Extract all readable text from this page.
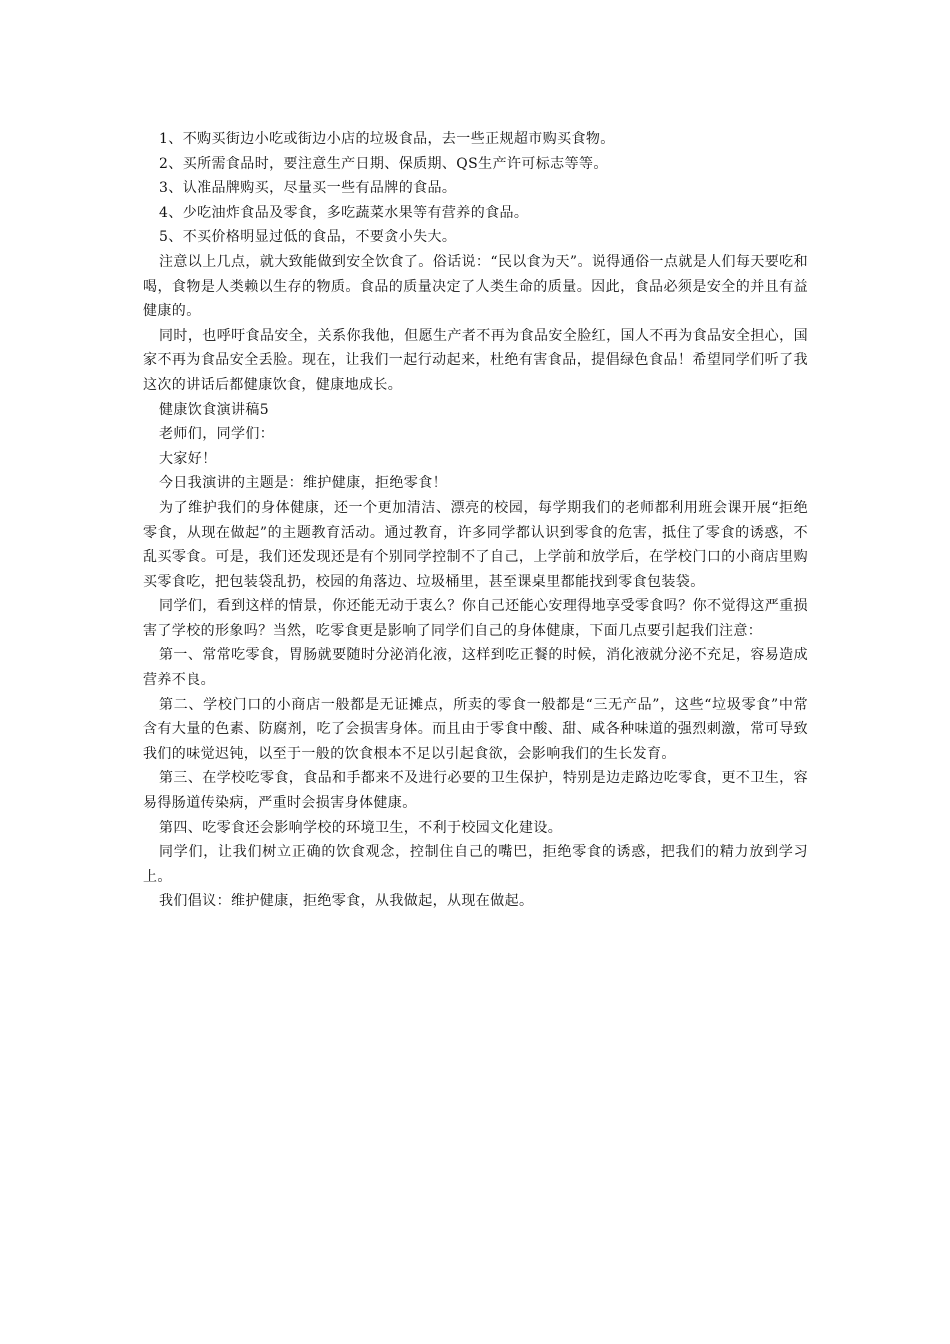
1、不购买街边小吃或街边小店的垃圾食品，去一些正规超市购买食物。

2、买所需食品时，要注意生产日期、保质期、QS生产许可标志等等。

3、认准品牌购买，尽量买一些有品牌的食品。

4、少吃油炸食品及零食，多吃蔬菜水果等有营养的食品。

5、不买价格明显过低的食品，不要贪小失大。

注意以上几点，就大致能做到安全饮食了。俗话说：“民以食为天”。说得通俗一点就是人们每天要吃和喝，食物是人类赖以生存的物质。食品的质量决定了人类生命的质量。因此，食品必须是安全的并且有益健康的。

同时，也呼吁食品安全，关系你我他，但愿生产者不再为食品安全脸红，国人不再为食品安全担心，国家不再为食品安全丢脸。现在，让我们一起行动起来，杜绝有害食品，提倡绿色食品！希望同学们听了我这次的讲话后都健康饮食，健康地成长。

健康饮食演讲稿5

老师们，同学们：

大家好！

今日我演讲的主题是：维护健康，拒绝零食！

为了维护我们的身体健康，还一个更加清洁、漂亮的校园，每学期我们的老师都利用班会课开展“拒绝零食，从现在做起”的主题教育活动。通过教育，许多同学都认识到零食的危害，抵住了零食的诱惑，不乱买零食。可是，我们还发现还是有个别同学控制不了自己，上学前和放学后，在学校门口的小商店里购买零食吃，把包装袋乱扔，校园的角落边、垃圾桶里，甚至课桌里都能找到零食包装袋。

同学们，看到这样的情景，你还能无动于衷么？你自己还能心安理得地享受零食吗？你不觉得这严重损害了学校的形象吗？当然，吃零食更是影响了同学们自己的身体健康，下面几点要引起我们注意：

第一、常常吃零食，胃肠就要随时分泌消化液，这样到吃正餐的时候，消化液就分泌不充足，容易造成营养不良。

第二、学校门口的小商店一般都是无证摊点，所卖的零食一般都是“三无产品”，这些“垃圾零食”中常含有大量的色素、防腐剂，吃了会损害身体。而且由于零食中酸、甜、咸各种味道的强烈刺激，常可导致我们的味觉迟钝，以至于一般的饮食根本不足以引起食欲，会影响我们的生长发育。

第三、在学校吃零食，食品和手都来不及进行必要的卫生保护，特别是边走路边吃零食，更不卫生，容易得肠道传染病，严重时会损害身体健康。

第四、吃零食还会影响学校的环境卫生，不利于校园文化建设。

同学们，让我们树立正确的饮食观念，控制住自己的嘴巴，拒绝零食的诱惑，把我们的精力放到学习上。

我们倡议：维护健康，拒绝零食，从我做起，从现在做起。
